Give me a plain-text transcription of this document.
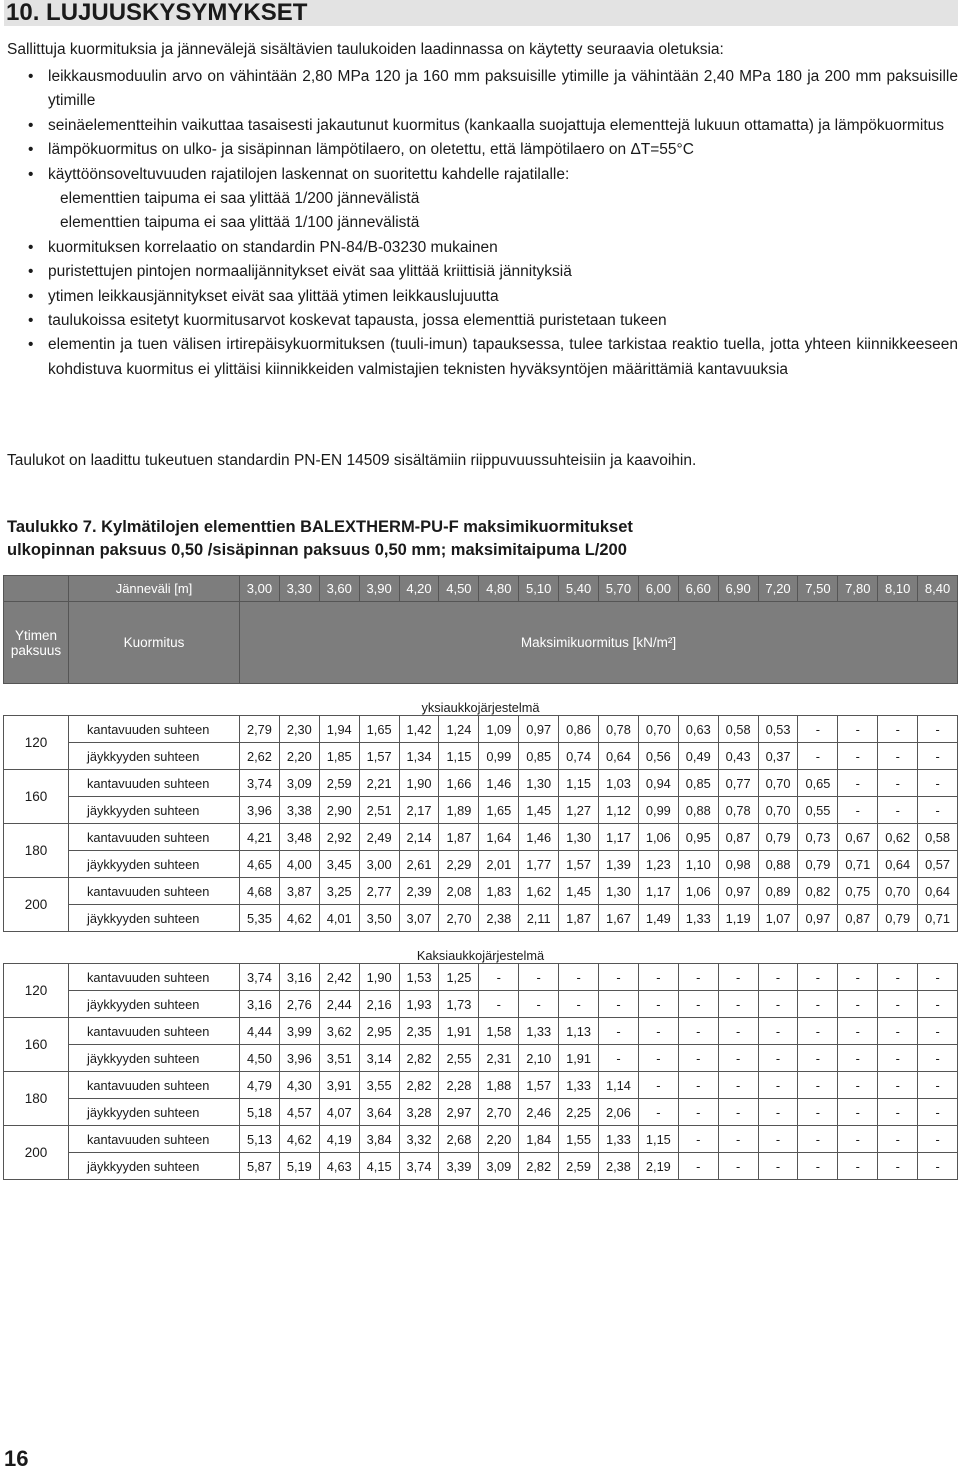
10. LUJUUSKYSYMYKSET
Sallittuja kuormituksia ja jännevälejä sisältävien taulukoiden laadinnassa on käytetty seuraavia oletuksia:
• leikkausmoduulin arvo on vähintään 2,80 MPa 120 ja 160 mm paksuisille ytimille ja vähintään 2,40 MPa 180 ja 200 mm paksuisille ytimille
• seinäelementteihin vaikuttaa tasaisesti jakautunut kuormitus (kankaalla suojattuja elementtejä lukuun ottamatta) ja lämpökuormitus
• lämpökuormitus on ulko- ja sisäpinnan lämpötilaero, on oletettu, että lämpötilaero on ΔT=55°C
• käyttöönsoveltuvuuden rajatilojen laskennat on suoritettu kahdelle rajatilalle:
elementtien taipuma ei saa ylittää 1/200 jännevälistä
elementtien taipuma ei saa ylittää 1/100 jännevälistä
• kuormituksen korrelaatio on standardin PN-84/B-03230 mukainen
• puristettujen pintojen normaalijännitykset eivät saa ylittää kriittisiä jännityksiä
• ytimen leikkausjännitykset eivät saa ylittää ytimen leikkauslujuutta
• taulukoissa esitetyt kuormitusarvot koskevat tapausta, jossa elementtiä puristetaan tukeen
• elementin ja tuen välisen irtirepäisykuormituksen (tuuli-imun) tapauksessa, tulee tarkistaa reaktio tuella, jotta yhteen kiinnikkeeseen kohdistuva kuormitus ei ylittäisi kiinnikkeiden valmistajien teknisten hyväksyntöjen määrittämiä kantavuuksia
Taulukot on laadittu tukeutuen standardin PN-EN 14509 sisältämiin riippuvuussuhteisiin ja kaavoihin.
Taulukko 7. Kylmätilojen elementtien BALEXTHERM-PU-F maksimikuormitukset
ulkopinnan paksuus 0,50 /sisäpinnan paksuus 0,50 mm; maksimitaipuma L/200
	Jänneväli [m]	3,00	3,30	3,60	3,90	4,20	4,50	4,80	5,10	5,40	5,70	6,00	6,60	6,90	7,20	7,50	7,80	8,10	8,40
Ytimen paksuus	Kuormitus	Maksimikuormitus [kN/m²]																	
yksiaukkojärjestelmä																			
120	kantavuuden suhteen	2,79	2,30	1,94	1,65	1,42	1,24	1,09	0,97	0,86	0,78	0,70	0,63	0,58	0,53	-	-	-	-
	jäykkyyden suhteen	2,62	2,20	1,85	1,57	1,34	1,15	0,99	0,85	0,74	0,64	0,56	0,49	0,43	0,37	-	-	-	-
160	kantavuuden suhteen	3,74	3,09	2,59	2,21	1,90	1,66	1,46	1,30	1,15	1,03	0,94	0,85	0,77	0,70	0,65	-	-	-
	jäykkyyden suhteen	3,96	3,38	2,90	2,51	2,17	1,89	1,65	1,45	1,27	1,12	0,99	0,88	0,78	0,70	0,55	-	-	-
180	kantavuuden suhteen	4,21	3,48	2,92	2,49	2,14	1,87	1,64	1,46	1,30	1,17	1,06	0,95	0,87	0,79	0,73	0,67	0,62	0,58
	jäykkyyden suhteen	4,65	4,00	3,45	3,00	2,61	2,29	2,01	1,77	1,57	1,39	1,23	1,10	0,98	0,88	0,79	0,71	0,64	0,57
200	kantavuuden suhteen	4,68	3,87	3,25	2,77	2,39	2,08	1,83	1,62	1,45	1,30	1,17	1,06	0,97	0,89	0,82	0,75	0,70	0,64
	jäykkyyden suhteen	5,35	4,62	4,01	3,50	3,07	2,70	2,38	2,11	1,87	1,67	1,49	1,33	1,19	1,07	0,97	0,87	0,79	0,71
Kaksiaukkojärjestelmä																			
120	kantavuuden suhteen	3,74	3,16	2,42	1,90	1,53	1,25	-	-	-	-	-	-	-	-	-	-	-	-
	jäykkyyden suhteen	3,16	2,76	2,44	2,16	1,93	1,73	-	-	-	-	-	-	-	-	-	-	-	-
160	kantavuuden suhteen	4,44	3,99	3,62	2,95	2,35	1,91	1,58	1,33	1,13	-	-	-	-	-	-	-	-	-
	jäykkyyden suhteen	4,50	3,96	3,51	3,14	2,82	2,55	2,31	2,10	1,91	-	-	-	-	-	-	-	-	-
180	kantavuuden suhteen	4,79	4,30	3,91	3,55	2,82	2,28	1,88	1,57	1,33	1,14	-	-	-	-	-	-	-	-
	jäykkyyden suhteen	5,18	4,57	4,07	3,64	3,28	2,97	2,70	2,46	2,25	2,06	-	-	-	-	-	-	-	-
200	kantavuuden suhteen	5,13	4,62	4,19	3,84	3,32	2,68	2,20	1,84	1,55	1,33	1,15	-	-	-	-	-	-	-
	jäykkyyden suhteen	5,87	5,19	4,63	4,15	3,74	3,39	3,09	2,82	2,59	2,38	2,19	-	-	-	-	-	-	-
16
